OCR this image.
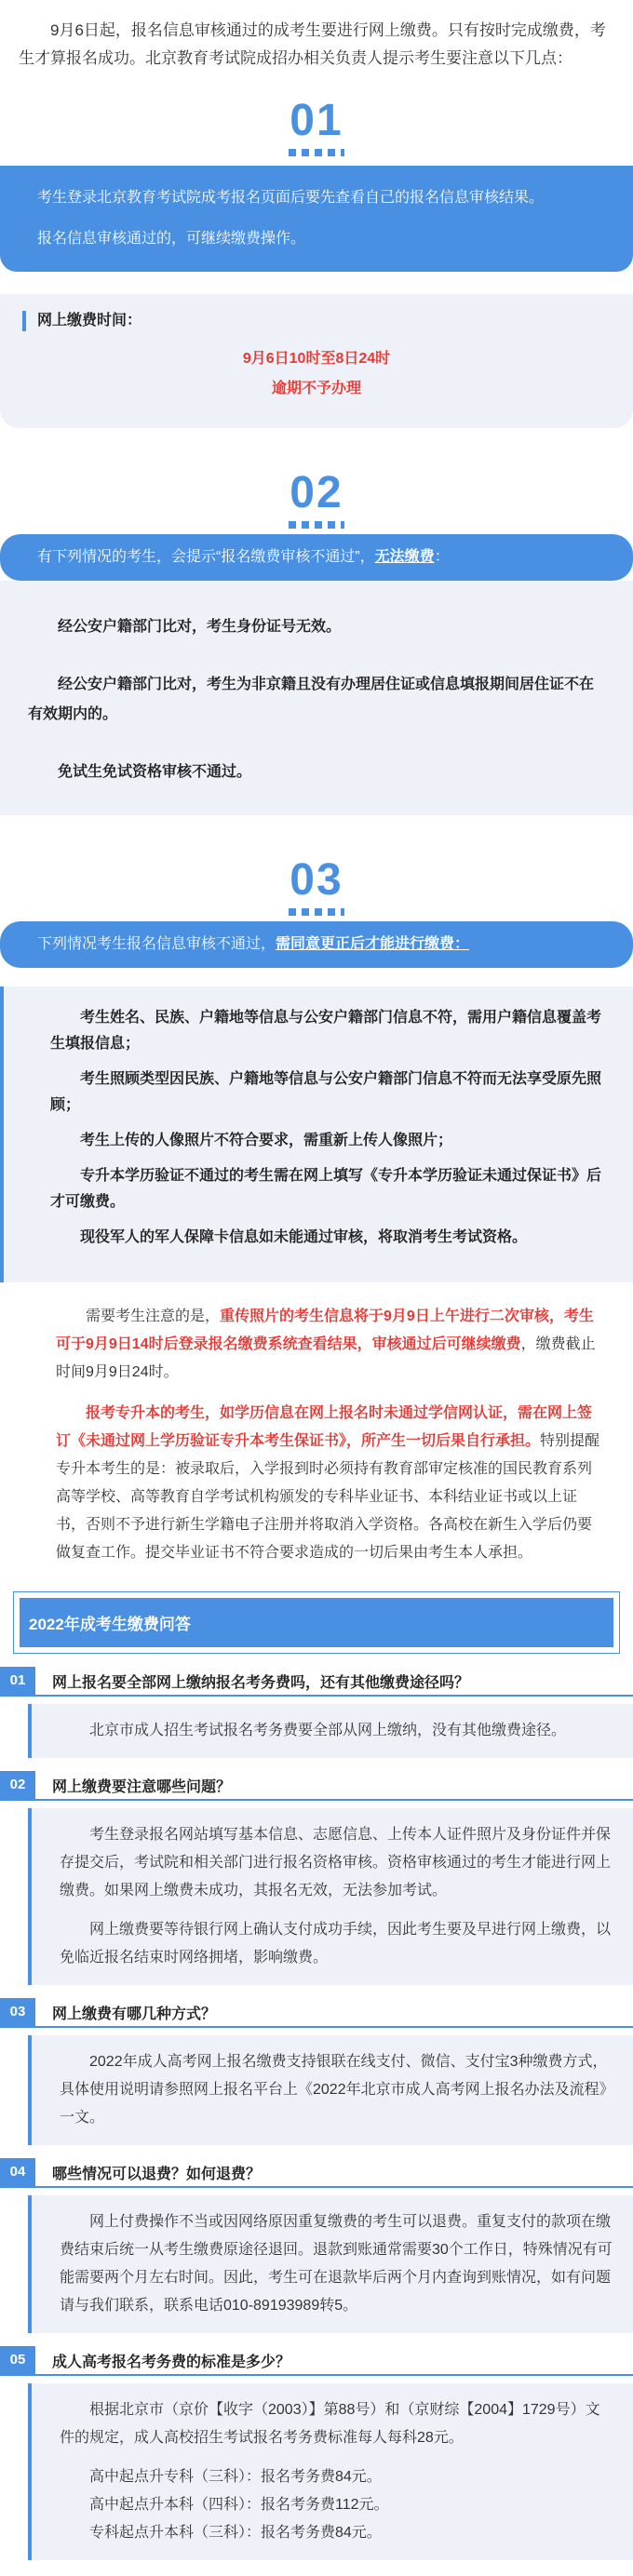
9月6日起，报名信息审核通过的成考生要进行网上缴费。只有按时完成缴费，考生才算报名成功。北京教育考试院成招办相关负责人提示考生要注意以下几点：
01

考生登录北京教育考试院成考报名页面后要先查看自己的报名信息审核结果。

报名信息审核通过的，可继续缴费操作。

网上缴费时间：
9月6日10时至8日24时
逾期不予办理
02
有下列情况的考生，会提示“报名缴费审核不通过”，无法缴费：

经公安户籍部门比对，考生身份证号无效。

经公安户籍部门比对，考生为非京籍且没有办理居住证或信息填报期间居住证不在有效期内的。

免试生免试资格审核不通过。

03
下列情况考生报名信息审核不通过，需同意更正后才能进行缴费：

考生姓名、民族、户籍地等信息与公安户籍部门信息不符，需用户籍信息覆盖考生填报信息；

考生照顾类型因民族、户籍地等信息与公安户籍部门信息不符而无法享受原先照顾；

考生上传的人像照片不符合要求，需重新上传人像照片；

专升本学历验证不通过的考生需在网上填写《专升本学历验证未通过保证书》后才可缴费。

现役军人的军人保障卡信息如未能通过审核，将取消考生考试资格。

需要考生注意的是，重传照片的考生信息将于9月9日上午进行二次审核，考生可于9月9日14时后登录报名缴费系统查看结果，审核通过后可继续缴费，缴费截止时间9月9日24时。

报考专升本的考生，如学历信息在网上报名时未通过学信网认证，需在网上签订《未通过网上学历验证专升本考生保证书》，所产生一切后果自行承担。特别提醒专升本考生的是：被录取后，入学报到时必须持有教育部审定核准的国民教育系列高等学校、高等教育自学考试机构颁发的专科毕业证书、本科结业证书或以上证书，否则不予进行新生学籍电子注册并将取消入学资格。各高校在新生入学后仍要做复查工作。提交毕业证书不符合要求造成的一切后果由考生本人承担。

2022年成考生缴费问答
01	网上报名要全部网上缴纳报名考务费吗，还有其他缴费途径吗？

北京市成人招生考试报名考务费要全部从网上缴纳，没有其他缴费途径。

02	网上缴费要注意哪些问题？

考生登录报名网站填写基本信息、志愿信息、上传本人证件照片及身份证件并保存提交后，考试院和相关部门进行报名资格审核。资格审核通过的考生才能进行网上缴费。如果网上缴费未成功，其报名无效，无法参加考试。

网上缴费要等待银行网上确认支付成功手续，因此考生要及早进行网上缴费，以免临近报名结束时网络拥堵，影响缴费。

03	网上缴费有哪几种方式？

2022年成人高考网上报名缴费支持银联在线支付、微信、支付宝3种缴费方式，具体使用说明请参照网上报名平台上《2022年北京市成人高考网上报名办法及流程》一文。

04	哪些情况可以退费？如何退费？

网上付费操作不当或因网络原因重复缴费的考生可以退费。重复支付的款项在缴费结束后统一从考生缴费原途径退回。退款到账通常需要30个工作日，特殊情况有可能需要两个月左右时间。因此，考生可在退款毕后两个月内查询到账情况，如有问题请与我们联系，联系电话010-89193989转5。

05	成人高考报名考务费的标准是多少？

根据北京市（京价【收字（2003）】第88号）和（京财综【2004】1729号）文件的规定，成人高校招生考试报名考务费标准每人每科28元。

高中起点升专科（三科）：报名考务费84元。

高中起点升本科（四科）：报名考务费112元。

专科起点升本科（三科）：报名考务费84元。
